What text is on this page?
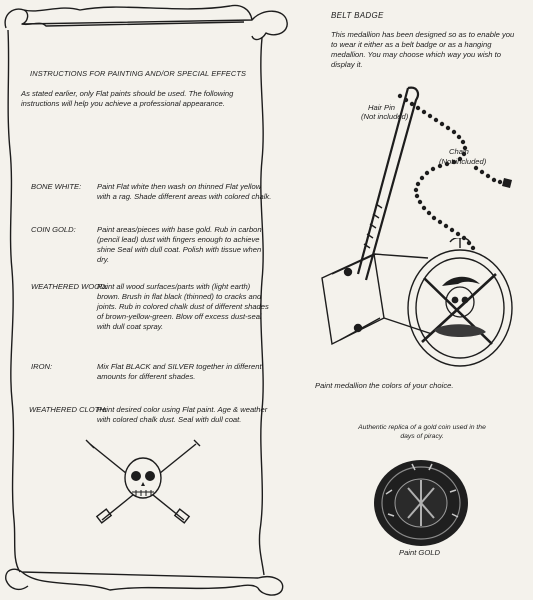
INSTRUCTIONS FOR PAINTING AND/OR SPECIAL EFFECTS

As stated earlier, only Flat paints should be used. The following instructions will help you achieve a professional appearance.

BONE WHITE: Paint Flat white then wash on thinned Flat yellow with a rag. Shade different areas with colored chalk.

COIN GOLD:	Paint areas/pieces with base gold. Rub in carbon (pencil lead) dust with fingers enough to achieve shine Seal with dull coat. Polish with tissue when dry.

WEATHERED WOOD:

Paint all wood surfaces/parts with (light earth) brown. Brush in flat black (thinned) to cracks and joints. Rub in colored chalk dust of different shades of brown-yellow-green. Blow off excess dust-seal with dull coat spray.

IRON:	Mix Flat BLACK and SILVER together in different amounts for different shades.

WEATHERED CLOTH:

Paint desired color using Flat paint. Age & weather with colored chalk dust. Seal with dull coat.

BELT BADGE

This medallion has been designed so as to enable you to wear it either as a belt badge or as a hanging medallion. You may choose which way you wish to display it.

Hair Pin

(Not included)

Chain

(Not included)

Paint medallion the colors of your choice.

Authentic replica of a gold coin used in the days of piracy.

Paint GOLD
